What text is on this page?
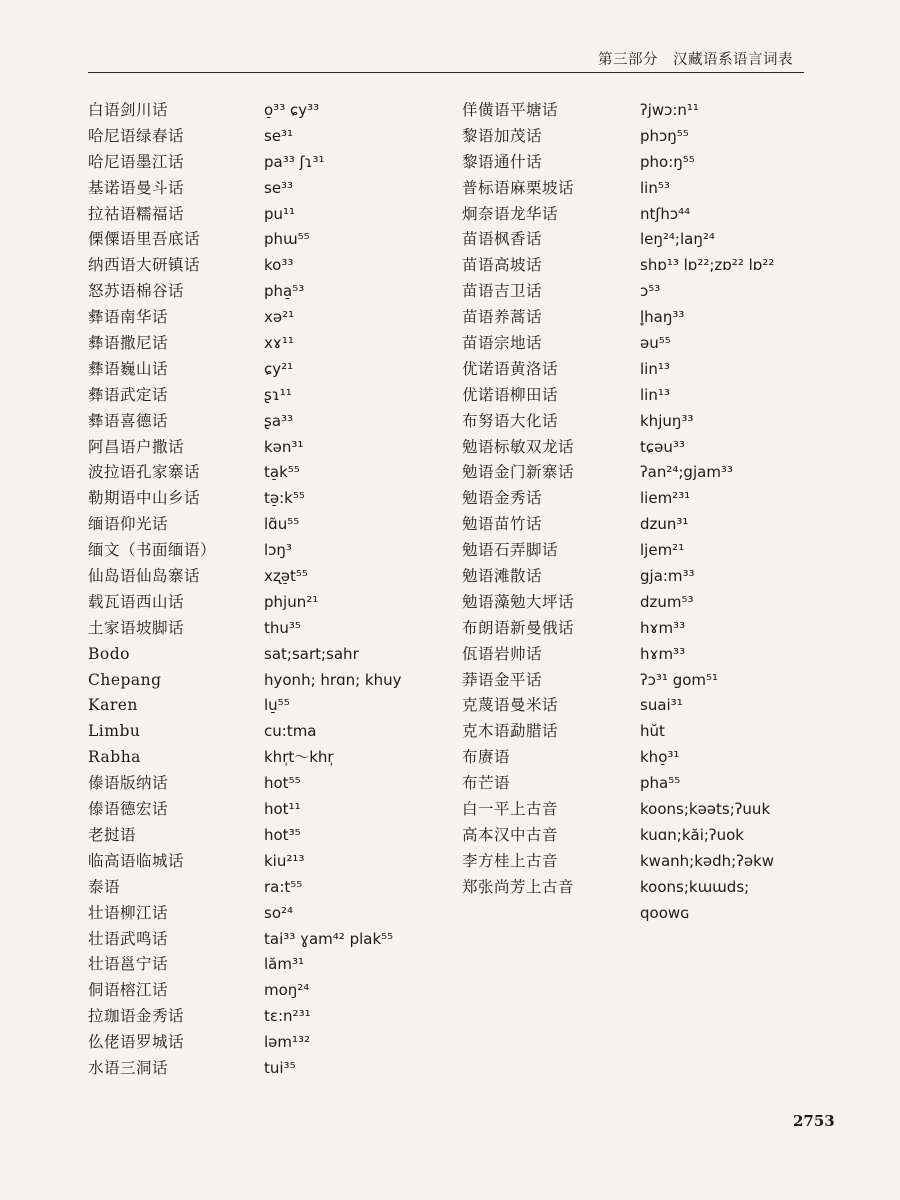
第三部分　汉藏语系语言词表
白语剑川话	o̠³³ ɕy³³
哈尼语绿春话	se³¹
哈尼语墨江话	pa³³ ʃɿ³¹
基诺语曼斗话	se³³
拉祜语糯福话	pu¹¹
傈僳语里吾底话	phɯ⁵⁵
纳西语大研镇话	ko³³
怒苏语棉谷话	pha̠⁵³
彝语南华话	xə²¹
彝语撒尼话	xɤ¹¹
彝语巍山话	ɕy²¹
彝语武定话	ʂɿ¹¹
彝语喜德话	ʂa³³
阿昌语户撒话	kən³¹
波拉语孔家寨话	ta̠k⁵⁵
勒期语中山乡话	tə̠:k⁵⁵
缅语仰光话	lɑ̃u⁵⁵
缅文（书面缅语）	lɔŋ³
仙岛语仙岛寨话	xʐə̠t⁵⁵
载瓦语西山话	phjun²¹
土家语坡脚话	thu³⁵
Bodo	sat;sart;sahr
Chepang	hyonh; hrɑn; khuy
Karen	lu̠⁵⁵
Limbu	cu:tma
Rabha	khr̩t～khr̩
傣语版纳话	hot⁵⁵
傣语德宏话	hot¹¹
老挝语	hot³⁵
临高语临城话	kiu²¹³
泰语	ra:t⁵⁵
壮语柳江话	so²⁴
壮语武鸣话	tai³³ ɣam⁴² plak⁵⁵
壮语邕宁话	lăm³¹
侗语榕江话	moŋ²⁴
拉珈语金秀话	tɛ:n²³¹
仫佬语罗城话	ləm¹³²
水语三洞话	tui³⁵
佯僙语平塘话	ʔjwɔ:n¹¹
黎语加茂话	phɔŋ⁵⁵
黎语通什话	pho:ŋ⁵⁵
普标语麻栗坡话	lin⁵³
炯奈语龙华话	ntʃhɔ⁴⁴
苗语枫香话	leŋ²⁴;laŋ²⁴
苗语高坡话	shɒ¹³ lɒ²²;zɒ²² lɒ²²
苗语吉卫话	ɔ⁵³
苗语养蒿话	l̥haŋ³³
苗语宗地话	əu⁵⁵
优诺语黄洛话	lin¹³
优诺语柳田话	lin¹³
布努语大化话	khjuŋ³³
勉语标敏双龙话	tɕəu³³
勉语金门新寨话	ʔan²⁴;gjam³³
勉语金秀话	liem²³¹
勉语苗竹话	dzun³¹
勉语石弄脚话	ljem²¹
勉语滩散话	gja:m³³
勉语藻勉大坪话	dzum⁵³
布朗语新曼俄话	hɤm³³
佤语岩帅话	hɤm³³
莽语金平话	ʔɔ³¹ gom⁵¹
克蔑语曼米话	suai³¹
克木语勐腊话	hŭt
布赓语	kho̠³¹
布芒语	pha⁵⁵
白一平上古音	koons;kəəts;ʔuuk
高本汉中古音	kuɑn;kăi;ʔuok
李方桂上古音	kwanh;kədh;ʔəkw
郑张尚芳上古音	koons;kɯɯds;
qoowɢ
2753
